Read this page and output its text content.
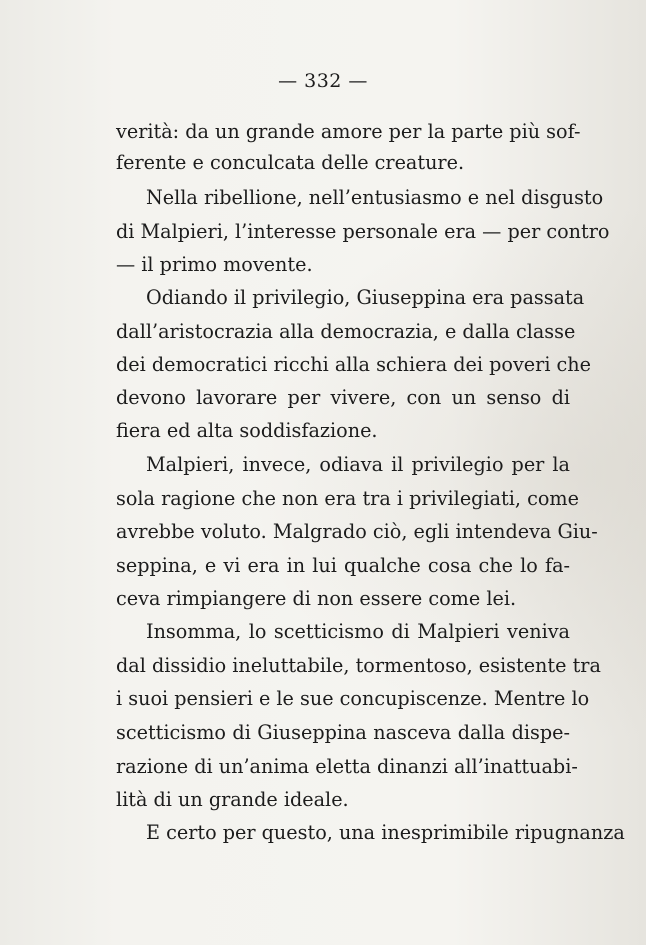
— 332 —
verità: da un grande amore per la parte più sof-
ferente e conculcata delle creature.
Nella ribellione, nell’entusiasmo e nel disgusto
di Malpieri, l’interesse personale era — per contro
— il primo movente.
Odiando il privilegio, Giuseppina era passata
dall’aristocrazia alla democrazia, e dalla classe
dei democratici ricchi alla schiera dei poveri che
devono lavorare per vivere, con un senso di
fiera ed alta soddisfazione.
Malpieri, invece, odiava il privilegio per la
sola ragione che non era tra i privilegiati, come
avrebbe voluto. Malgrado ciò, egli intendeva Giu-
seppina, e vi era in lui qualche cosa che lo fa-
ceva rimpiangere di non essere come lei.
Insomma, lo scetticismo di Malpieri veniva
dal dissidio ineluttabile, tormentoso, esistente tra
i suoi pensieri e le sue concupiscenze. Mentre lo
scetticismo di Giuseppina nasceva dalla dispe-
razione di un’anima eletta dinanzi all’inattuabi-
lità di un grande ideale.
E certo per questo, una inesprimibile ripugnanza
